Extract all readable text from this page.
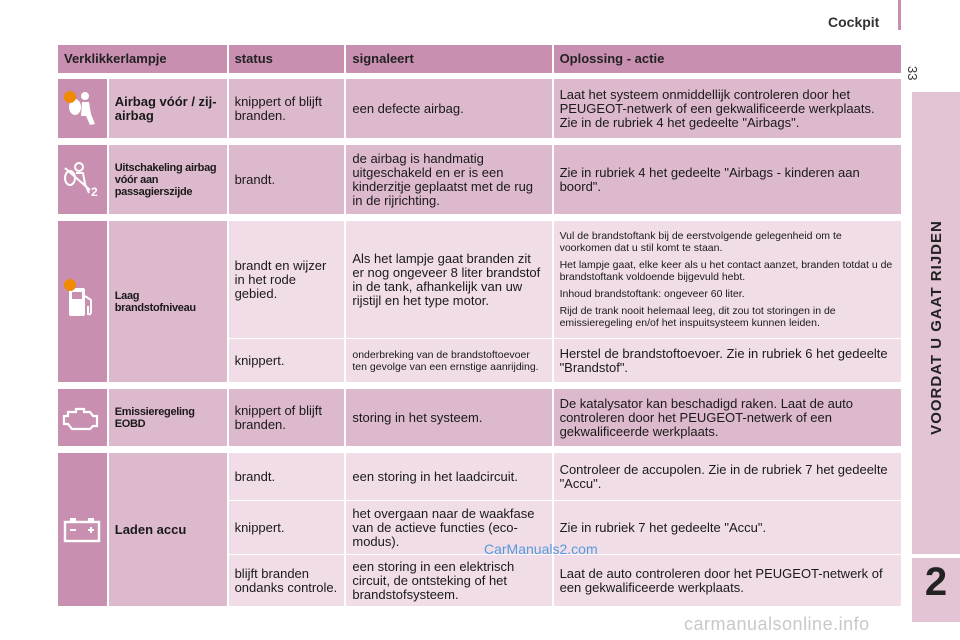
Cockpit
33
VOORDAT U GAAT RIJDEN
2
Verklikkerlampje		status	signaleert	Oplossing - actie

	Airbag vóór / zij-airbag	knippert of blijft branden.	een defecte airbag.	Laat het systeem onmiddellijk controleren door het PEUGEOT-netwerk of een gekwalificeerde werkplaats. Zie in de rubriek 4 het gedeelte "Airbags".

2	Uitschakeling airbag vóór aan passagierszijde	brandt.	de airbag is handmatig uitgeschakeld en er is een kinderzitje geplaatst met de rug in de rijrichting.	Zie in rubriek 4 het gedeelte "Airbags - kinderen aan boord".

	Laag brandstofniveau	brandt en wijzer in het rode gebied.	Als het lampje gaat branden zit er nog ongeveer 8 liter brandstof in de tank, afhankelijk van uw rijstijl en het type motor.	Vul de brandstoftank bij de eerstvolgende gelegenheid om te voorkomen dat u stil komt te staan.

Het lampje gaat, elke keer als u het contact aanzet, branden totdat u de brandstoftank voldoende bijgevuld hebt.

Inhoud brandstoftank: ongeveer 60 liter.

Rijd de trank nooit helemaal leeg, dit zou tot storingen in de emissieregeling en/of het inspuitsysteem kunnen leiden.

		knippert.	onderbreking van de brandstoftoevoer ten gevolge van een ernstige aanrijding.	Herstel de brandstoftoevoer. Zie in rubriek 6 het gedeelte "Brandstof".

	Emissieregeling EOBD	knippert of blijft branden.	storing in het systeem.	De katalysator kan beschadigd raken. Laat de auto controleren door het PEUGEOT-netwerk of een gekwalificeerde werkplaats.

	Laden accu	brandt.	een storing in het laadcircuit.	Controleer de accupolen. Zie in de rubriek 7 het gedeelte "Accu".
		knippert.	het overgaan naar de waakfase van de actieve functies (eco-modus).	Zie in rubriek 7 het gedeelte "Accu".
		blijft branden ondanks controle.	een storing in een elektrisch circuit, de ontsteking of het brandstofsysteem.	Laat de auto controleren door het PEUGEOT-netwerk of een gekwalificeerde werkplaats.
CarManuals2.com
carmanualsonline.info
